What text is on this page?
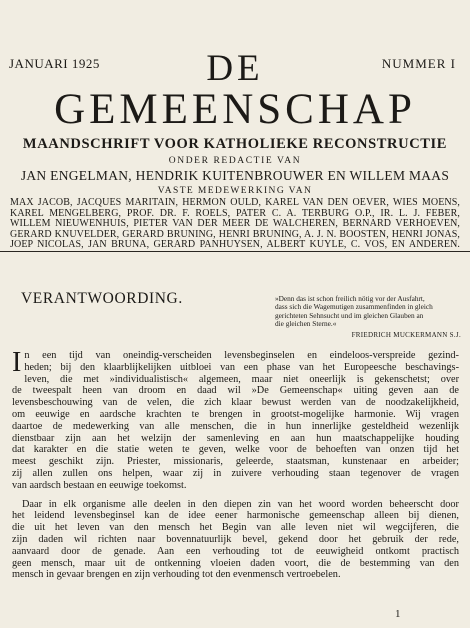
JANUARI 1925	NUMMER I
DE
GEMEENSCHAP
MAANDSCHRIFT VOOR KATHOLIEKE RECONSTRUCTIE
ONDER REDACTIE VAN
JAN ENGELMAN, HENDRIK KUITENBROUWER EN WILLEM MAAS
VASTE MEDEWERKING VAN
MAX JACOB, JACQUES MARITAIN, HERMON OULD, KAREL VAN DEN OEVER, WIES MOENS,
KAREL MENGELBERG, PROF. DR. F. ROELS, PATER C. A. TERBURG O.P., IR. L. J. FEBER,
WILLEM NIEUWENHUIS, PIETER VAN DER MEER DE WALCHEREN, BERNARD VERHOEVEN,
GERARD KNUVELDER, GERARD BRUNING, HENRI BRUNING, A. J. N. BOOSTEN, HENRI JONAS,
JOEP NICOLAS, JAN BRUNA, GERARD PANHUYSEN, ALBERT KUYLE, C. VOS, EN ANDEREN.
VERANTWOORDING.	»Denn das ist schon freilich nötig vor der Ausfahrt,
dass sich die Wagemutigen zusammenfinden in gleich
gerichteten Sehnsucht und im gleichen Glauben an
die gleichen Sterne.«
FRIEDRICH MUCKERMANN S.J.
I n een tijd van oneindig-verscheiden levensbeginselen en eindeloos-verspreide gezind-
heden; bij den klaarblijkelijken uitbloei van een phase van het Europeesche beschavings-
leven, die met »individualistisch« algemeen, maar niet oneerlijk is gekenschetst; over
de tweespalt heen van droom en daad wil »De Gemeenschap« uiting geven aan de
levensbeschouwing van de velen, die zich klaar bewust werden van de noodzakelijkheid,
om eeuwige en aardsche krachten te brengen in grootst-mogelijke harmonie. Wij vragen
daartoe de medewerking van alle menschen, die in hun innerlijke gesteldheid wezenlijk
dienstbaar zijn aan het welzijn der samenleving en aan hun maatschappelijke houding
dat karakter en die statie weten te geven, welke voor de behoeften van onzen tijd het
meest geschikt zijn. Priester, missionaris, geleerde, staatsman, kunstenaar en arbeider;
zij allen zullen ons helpen, waar zij in zuivere verhouding staan tegenover de vragen
van aardsch bestaan en eeuwige toekomst.
Daar in elk organisme alle deelen in den diepen zin van het woord worden beheerscht door
het leidend levensbeginsel kan de idee eener harmonische gemeenschap alleen bij dienen,
die uit het leven van den mensch het Begin van alle leven niet wil wegcijferen, die
zijn daden wil richten naar bovennatuurlijk bevel, gekend door het gebruik der rede,
aanvaard door de genade. Aan een verhouding tot de eeuwigheid ontkomt practisch
geen mensch, maar uit de ontkenning vloeien daden voort, die de bestemming van den
mensch in gevaar brengen en zijn verhouding tot den evenmensch vertroebelen.
1
